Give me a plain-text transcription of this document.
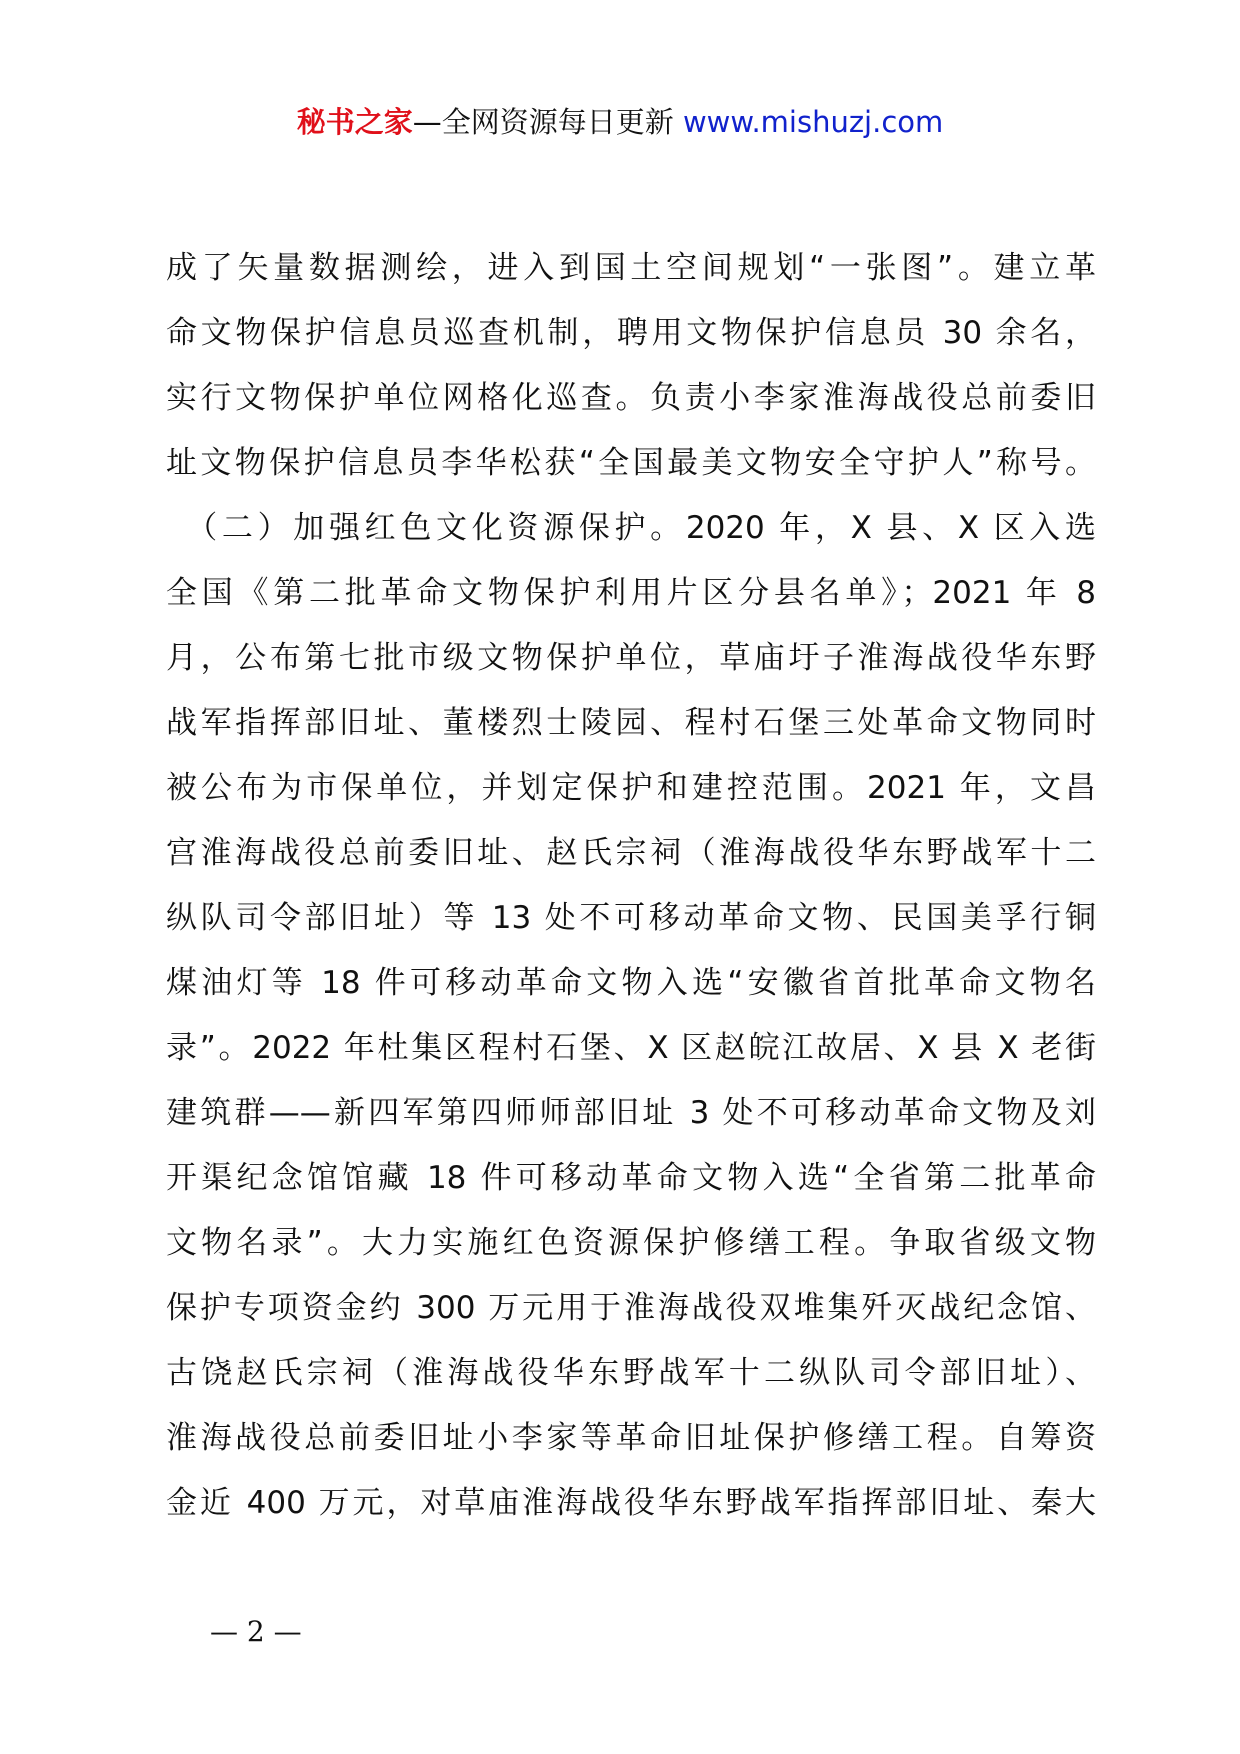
秘书之家—全网资源每日更新 www.mishuzj.com
成了矢量数据测绘，进入到国土空间规划“一张图”。建立革
命文物保护信息员巡查机制，聘用文物保护信息员 30 余名，
实行文物保护单位网格化巡查。负责小李家淮海战役总前委旧
址文物保护信息员李华松获“全国最美文物安全守护人”称号。
　（二）加强红色文化资源保护。2020 年，X 县、X 区入选
全国《第二批革命文物保护利用片区分县名单》；2021 年 8
月，公布第七批市级文物保护单位，草庙圩子淮海战役华东野
战军指挥部旧址、董楼烈士陵园、程村石堡三处革命文物同时
被公布为市保单位，并划定保护和建控范围。2021 年，文昌
宫淮海战役总前委旧址、赵氏宗祠（淮海战役华东野战军十二
纵队司令部旧址）等 13 处不可移动革命文物、民国美孚行铜
煤油灯等 18 件可移动革命文物入选“安徽省首批革命文物名
录”。2022 年杜集区程村石堡、X 区赵皖江故居、X 县 X 老街
建筑群——新四军第四师师部旧址 3 处不可移动革命文物及刘
开渠纪念馆馆藏 18 件可移动革命文物入选“全省第二批革命
文物名录”。大力实施红色资源保护修缮工程。争取省级文物
保护专项资金约 300 万元用于淮海战役双堆集歼灭战纪念馆、
古饶赵氏宗祠（淮海战役华东野战军十二纵队司令部旧址）、
淮海战役总前委旧址小李家等革命旧址保护修缮工程。自筹资
金近 400 万元，对草庙淮海战役华东野战军指挥部旧址、秦大
— 2 —
